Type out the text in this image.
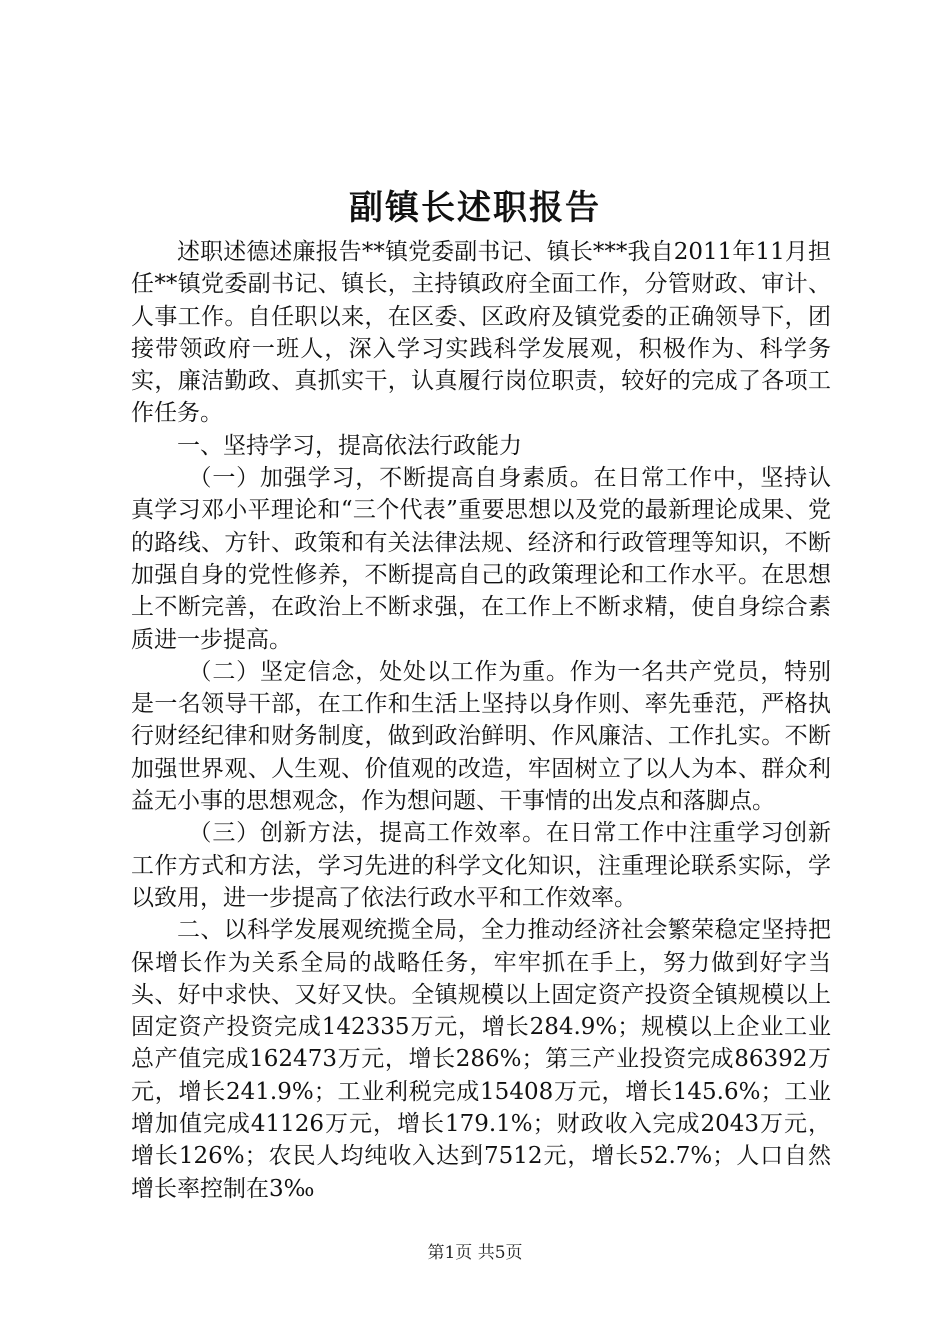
副镇长述职报告

述职述德述廉报告**镇党委副书记、镇长***我自2011年11月担任**镇党委副书记、镇长，主持镇政府全面工作，分管财政、审计、人事工作。自任职以来，在区委、区政府及镇党委的正确领导下，团接带领政府一班人，深入学习实践科学发展观，积极作为、科学务实，廉洁勤政、真抓实干，认真履行岗位职责，较好的完成了各项工作任务。

一、坚持学习，提高依法行政能力

（一）加强学习，不断提高自身素质。在日常工作中，坚持认真学习邓小平理论和“三个代表”重要思想以及党的最新理论成果、党的路线、方针、政策和有关法律法规、经济和行政管理等知识，不断加强自身的党性修养，不断提高自己的政策理论和工作水平。在思想上不断完善，在政治上不断求强，在工作上不断求精，使自身综合素质进一步提高。

（二）坚定信念，处处以工作为重。作为一名共产党员，特别是一名领导干部，在工作和生活上坚持以身作则、率先垂范，严格执行财经纪律和财务制度，做到政治鲜明、作风廉洁、工作扎实。不断加强世界观、人生观、价值观的改造，牢固树立了以人为本、群众利益无小事的思想观念，作为想问题、干事情的出发点和落脚点。

（三）创新方法，提高工作效率。在日常工作中注重学习创新工作方式和方法，学习先进的科学文化知识，注重理论联系实际，学以致用，进一步提高了依法行政水平和工作效率。

二、以科学发展观统揽全局，全力推动经济社会繁荣稳定坚持把保增长作为关系全局的战略任务，牢牢抓在手上，努力做到好字当头、好中求快、又好又快。全镇规模以上固定资产投资全镇规模以上固定资产投资完成142335万元，增长284.9%；规模以上企业工业总产值完成162473万元，增长286%；第三产业投资完成86392万元，增长241.9%；工业利税完成15408万元，增长145.6%；工业增加值完成41126万元，增长179.1%；财政收入完成2043万元，增长126%；农民人均纯收入达到7512元，增长52.7%；人口自然增长率控制在3‰

第1页 共5页
